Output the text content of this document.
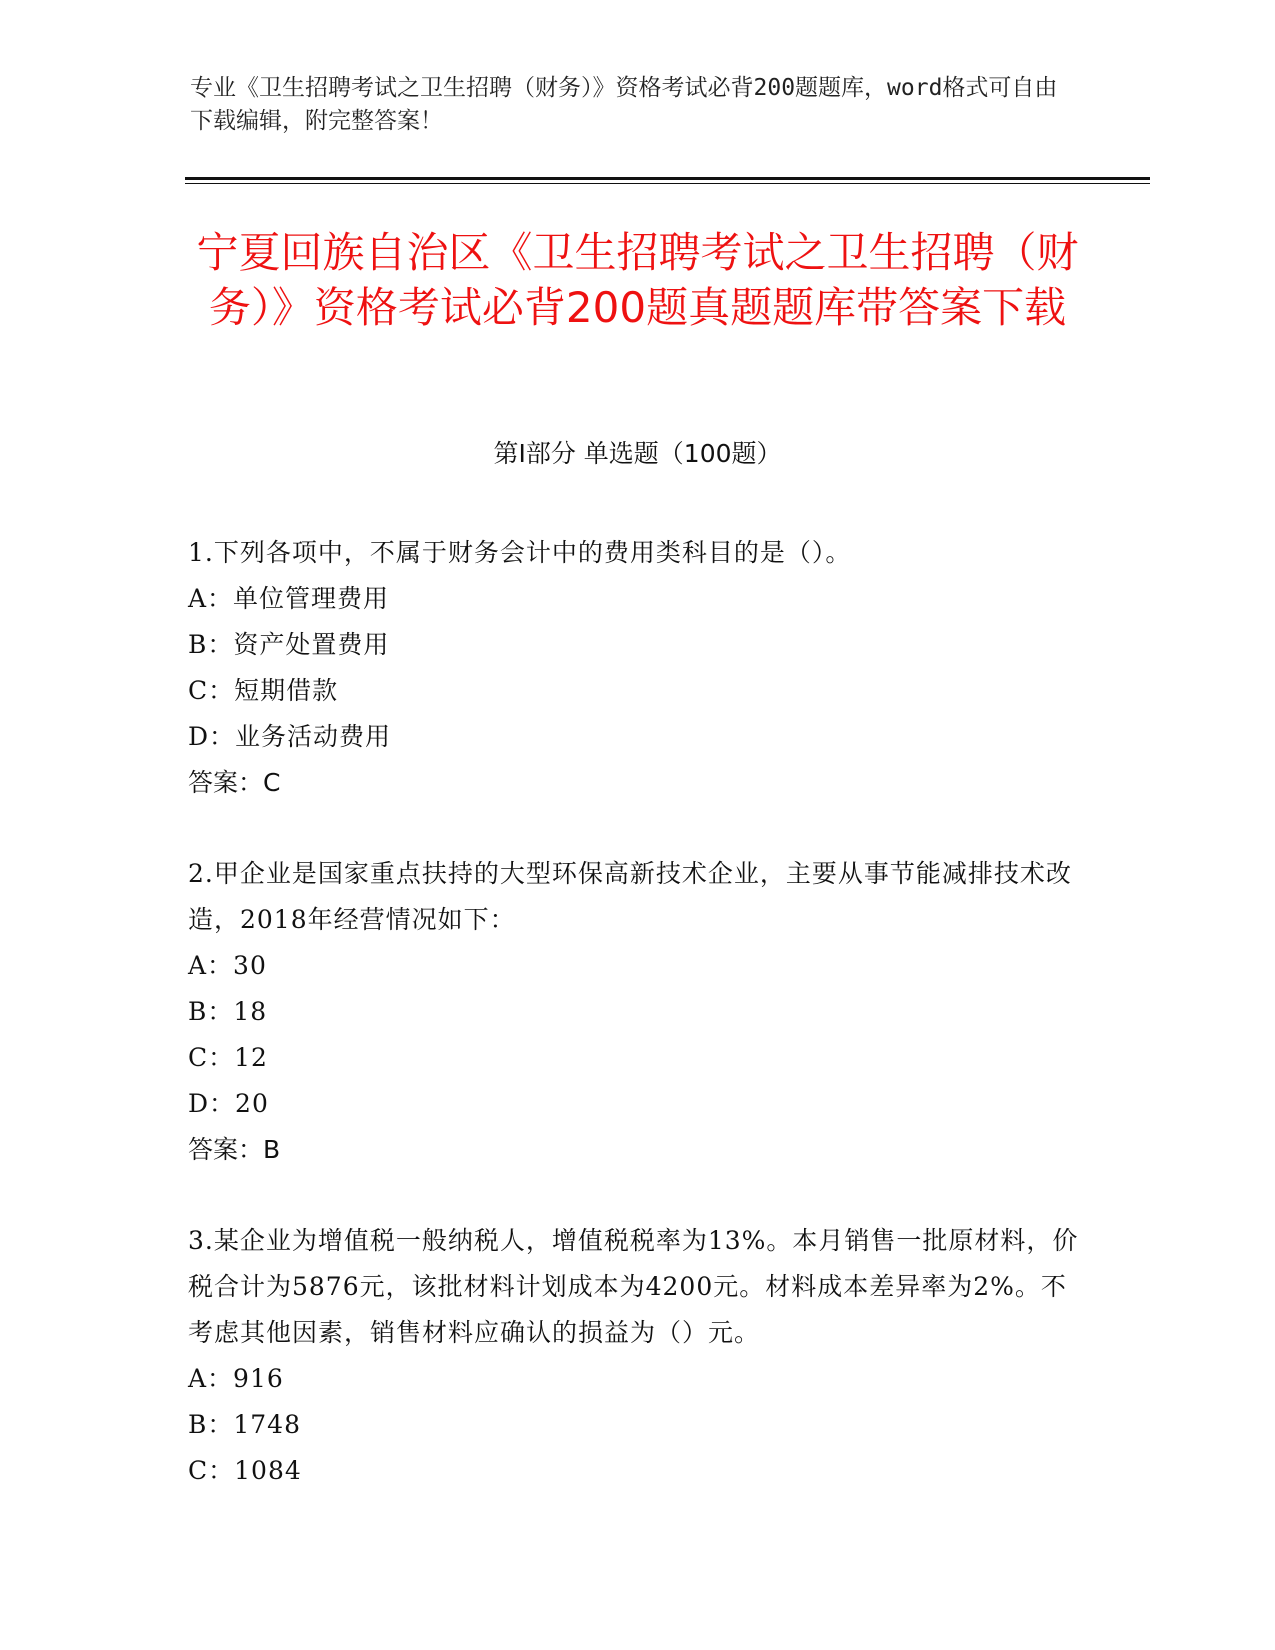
专业《卫生招聘考试之卫生招聘（财务）》资格考试必背200题题库，word格式可自由下载编辑，附完整答案！
宁夏回族自治区《卫生招聘考试之卫生招聘（财务）》资格考试必背200题真题题库带答案下载
第Ⅰ部分 单选题（100题）
1.下列各项中，不属于财务会计中的费用类科目的是（）。
A：单位管理费用
B：资产处置费用
C：短期借款
D：业务活动费用
答案：C
2.甲企业是国家重点扶持的大型环保高新技术企业，主要从事节能减排技术改造，2018年经营情况如下：
A：30
B：18
C：12
D：20
答案：B
3.某企业为增值税一般纳税人，增值税税率为13%。本月销售一批原材料，价税合计为5876元，该批材料计划成本为4200元。材料成本差异率为2%。不考虑其他因素，销售材料应确认的损益为（）元。
A：916
B：1748
C：1084
